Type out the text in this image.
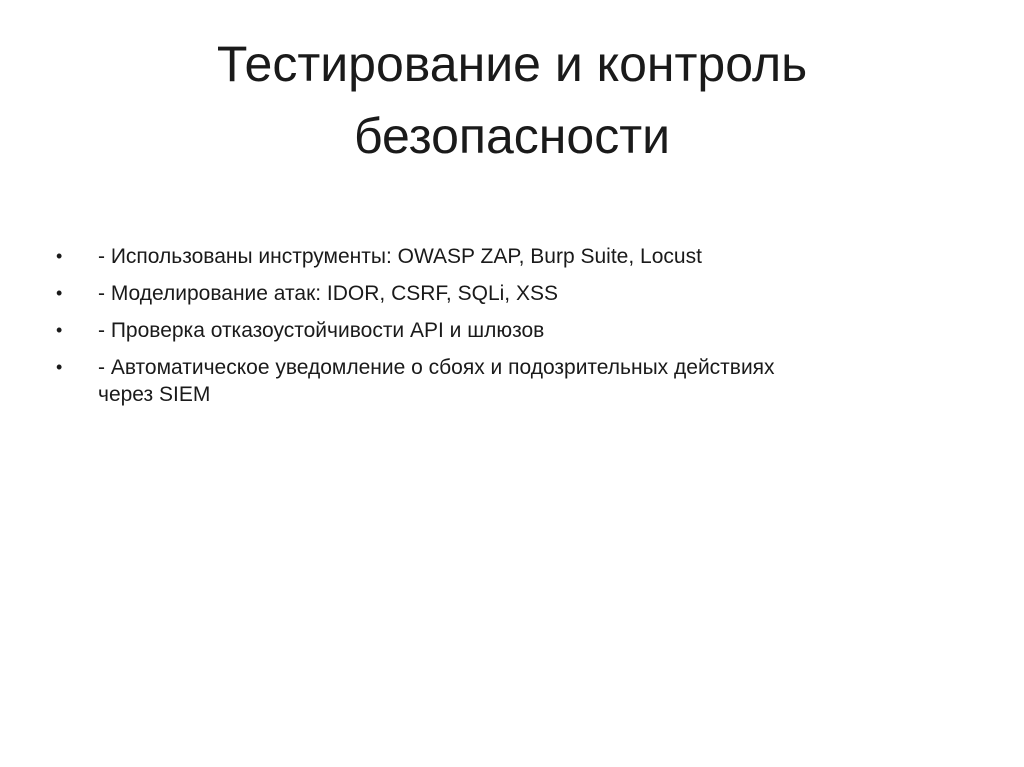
Тестирование и контроль
безопасности
•	- Использованы инструменты: OWASP ZAP, Burp Suite, Locust
•	- Моделирование атак: IDOR, CSRF, SQLi, XSS
•	- Проверка отказоустойчивости API и шлюзов
•	- Автоматическое уведомление о сбоях и подозрительных действиях через SIEM
